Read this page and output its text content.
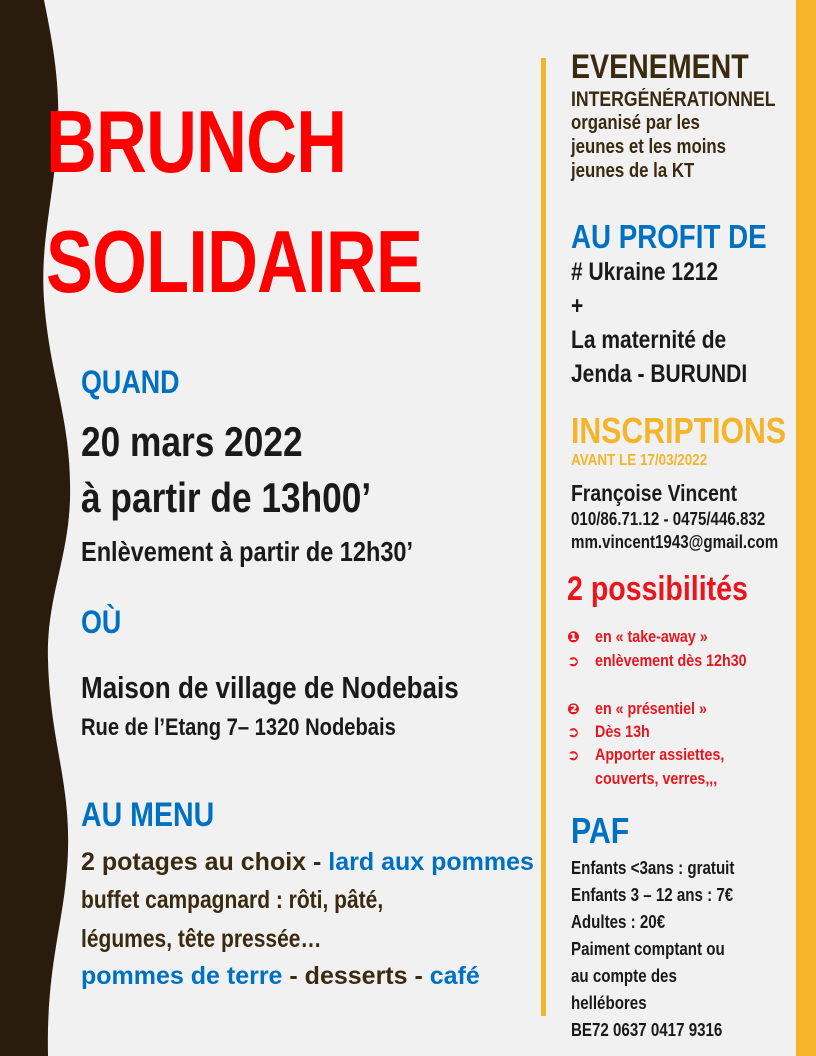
BRUNCH
SOLIDAIRE
QUAND
20 mars 2022
à partir de 13h00’
Enlèvement à partir de 12h30’
OÙ
Maison de village de Nodebais
Rue de l’Etang 7– 1320 Nodebais
AU MENU
2 potages au choix - lard aux pommes
buffet campagnard : rôti, pâté,
légumes, tête pressée…
pommes de terre - desserts - café
EVENEMENT
INTERGÉNÉRATIONNEL
organisé par les
jeunes et les moins
jeunes de la KT
AU PROFIT DE
# Ukraine 1212
+
La maternité de
Jenda - BURUNDI
INSCRIPTIONS
AVANT LE 17/03/2022
Françoise Vincent
010/86.71.12 - 0475/446.832
mm.vincent1943@gmail.com
2 possibilités
❶ en « take-away »
➲ enlèvement dès 12h30
❷ en « présentiel »
➲ Dès 13h
➲ Apporter assiettes,
couverts, verres,,,
PAF
Enfants <3ans : gratuit
Enfants 3 – 12 ans : 7€
Adultes : 20€
Paiment comptant ou
au compte des
hellébores
BE72 0637 0417 9316
